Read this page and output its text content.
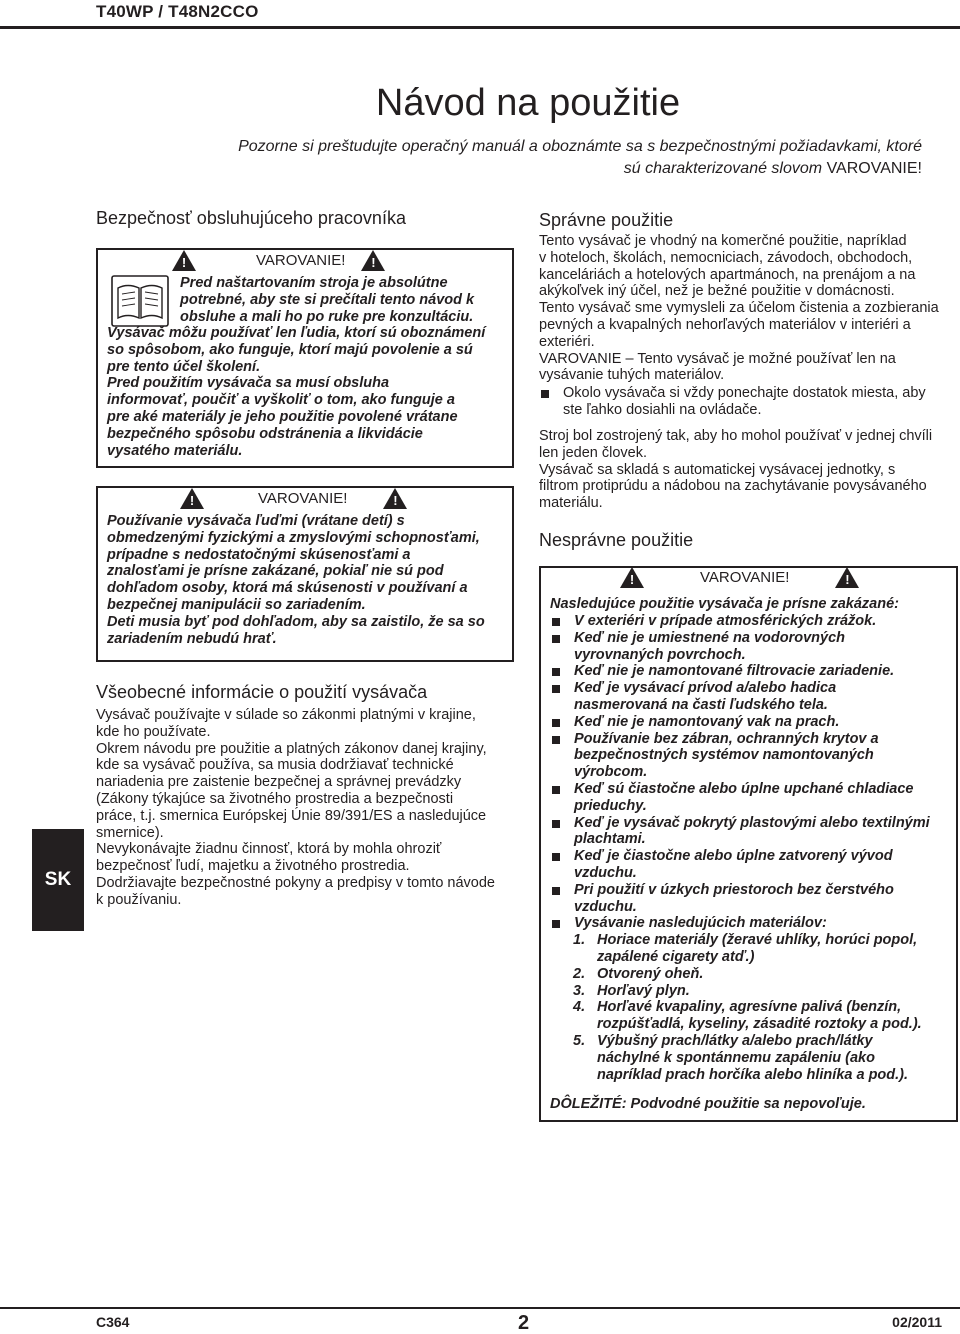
T40WP / T48N2CCO
Návod na použitie
Pozorne si preštudujte operačný manuál a oboznámte sa s bezpečnostnými požiadavkami, ktoré
sú charakterizované slovom VAROVANIE!
Bezpečnosť obsluhujúceho pracovníka
!	VAROVANIE! !
Pred naštartovaním stroja je absolútne
potrebné, aby ste si prečítali tento návod k
obsluhe a mali ho po ruke pre konzultáciu.
Vysávač môžu používať len ľudia, ktorí sú oboznámení
so spôsobom, ako funguje, ktorí majú povolenie a sú
pre tento účel školení.
Pred použitím vysávača sa musí obsluha
informovať, poučiť a vyškoliť o tom, ako funguje a
pre aké materiály je jeho použitie povolené vrátane
bezpečného spôsobu odstránenia a likvidácie
vysatého materiálu.
!	VAROVANIE!	!
Používanie vysávača ľuďmi (vrátane detí) s
obmedzenými fyzickými a zmyslovými schopnosťami,
prípadne s nedostatočnými skúsenosťami a
znalosťami je prísne zakázané, pokiaľ nie sú pod
dohľadom osoby, ktorá má skúsenosti v používaní a
bezpečnej manipulácii so zariadením.
Deti musia byť pod dohľadom, aby sa zaistilo, že sa so
zariadením nebudú hrať.
Všeobecné informácie o použití vysávača
Vysávač používajte v súlade so zákonmi platnými v krajine,
kde ho používate.
Okrem návodu pre použitie a platných zákonov danej krajiny,
kde sa vysávač používa, sa musia dodržiavať technické
nariadenia pre zaistenie bezpečnej a správnej prevádzky
(Zákony týkajúce sa životného prostredia a bezpečnosti
práce, t.j. smernica Európskej Únie 89/391/ES a nasledujúce
smernice).
Nevykonávajte žiadnu činnosť, ktorá by mohla ohroziť
bezpečnosť ľudí, majetku a životného prostredia.
Dodržiavajte bezpečnostné pokyny a predpisy v tomto návode
k používaniu.
Správne použitie
Tento vysávač je vhodný na komerčné použitie, napríklad
v hoteloch, školách, nemocniciach, závodoch, obchodoch,
kanceláriách a hotelových apartmánoch, na prenájom a na
akýkoľvek iný účel, než je bežné použitie v domácnosti.
Tento vysávač sme vymysleli za účelom čistenia a zozbierania
pevných a kvapalných nehorľavých materiálov v interiéri a
exteriéri.
VAROVANIE – Tento vysávač je možné používať len na
vysávanie tuhých materiálov.
Okolo vysávača si vždy ponechajte dostatok miesta, aby
ste ľahko dosiahli na ovládače.
Stroj bol zostrojený tak, aby ho mohol používať v jednej chvíli
len jeden človek.
Vysávač sa skladá s automatickej vysávacej jednotky, s
filtrom protiprúdu a nádobou na zachytávanie povysávaného
materiálu.
Nesprávne použitie
!	VAROVANIE!	!
Nasledujúce použitie vysávača je prísne zakázané:
V exteriéri v prípade atmosférických zrážok.
Keď nie je umiestnené na vodorovných
vyrovnaných povrchoch.
Keď nie je namontované filtrovacie zariadenie.
Keď je vysávací prívod a/alebo hadica
nasmerovaná na časti ľudského tela.
Keď nie je namontovaný vak na prach.
Používanie bez zábran, ochranných krytov a
bezpečnostných systémov namontovaných
výrobcom.
Keď sú čiastočne alebo úplne upchané chladiace
prieduchy.
Keď je vysávač pokrytý plastovými alebo textilnými
plachtami.
Keď je čiastočne alebo úplne zatvorený vývod
vzduchu.
Pri použití v úzkych priestoroch bez čerstvého
vzduchu.
Vysávanie nasledujúcich materiálov:
1. Horiace materiály (žeravé uhlíky, horúci popol,
zapálené cigarety atď.)
2. Otvorený oheň.
3. Horľavý plyn.
4. Horľavé kvapaliny, agresívne palivá (benzín,
rozpúšťadlá, kyseliny, zásadité roztoky a pod.).
5. Výbušný prach/látky a/alebo prach/látky
náchylné k spontánnemu zapáleniu (ako
napríklad prach horčíka alebo hliníka a pod.).
DÔLEŽITÉ: Podvodné použitie sa nepovoľuje.
SK
C364	2	02/2011
